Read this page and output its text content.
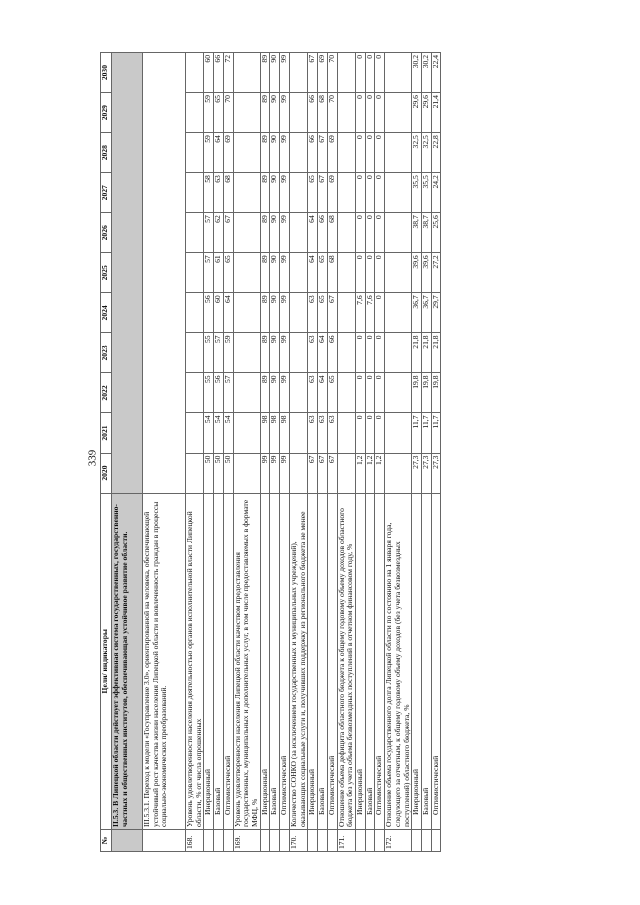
339
№	Цели/ индикаторы	2020	2021	2022	2023	2024	2025	2026	2027	2028	2029	2030
	II.5.3. В Липецкой области действует эффективная система государственных, государственно-частных и общественных институтов, обеспечивающая устойчивое развитие области.											
	III.5.3.1. Переход к модели «Госуправление 3.0», ориентированной на человека, обеспечивающей устойчивый рост качества жизни населения Липецкой области и вовлеченность граждан в процессы социально-экономических преобразований.											
168.	Уровень удовлетворенности населения деятельностью органов исполнительной власти Липецкой области, % от числа опрошенных											
	Инерционный	50	54	55	55	56	57	57	58	59	59	60
	Базовый	50	54	56	57	60	61	62	63	64	65	66
	Оптимистический	50	54	57	59	64	65	67	68	69	70	72
169.	Уровень удовлетворенности населения Липецкой области качеством предоставления государственных, муниципальных и дополнительных услуг, в том числе предоставляемых в формате МФЦ, %											
	Инерционный	99	98	89	89	89	89	89	89	89	89	89
	Базовый	99	98	90	90	90	90	90	90	90	90	90
	Оптимистический	99	98	99	99	99	99	99	99	99	99	99
170.	Количество СОНКО (за исключением государственных и муниципальных учреждений), оказывающих социальные услуги и, получивших поддержку из регионального бюджета не менее											
	Инерционный	67	63	63	63	63	64	64	65	66	66	67
	Базовый	67	63	64	64	65	65	66	67	67	68	69
	Оптимистический	67	63	65	66	67	68	68	69	69	70	70
171.	Отношение объема дефицита областного бюджета к общему годовому объему доходов областного бюджета без учета объема безвозмездных поступлений в отчетном финансовом году, %											
	Инерционный	1,2	0	0	0	7,6	0	0	0	0	0	0
	Базовый	1,2	0	0	0	7,6	0	0	0	0	0	0
	Оптимистический	1,2	0	0	0	0	0	0	0	0	0	0
172.	Отношение объема государственного долга Липецкой области по состоянию на 1 января года, следующего за отчетным, к общему годовому объему доходов (без учета безвозмездных поступлений) областного бюджета, %											
	Инерционный	27,3	11,7	19,8	21,8	36,7	39,6	38,7	35,5	32,5	29,6	30,2
	Базовый	27,3	11,7	19,8	21,8	36,7	39,6	38,7	35,5	32,5	29,6	30,2
	Оптимистический	27,3	11,7	19,8	21,8	29,7	27,2	25,6	24,2	22,8	21,4	22,4
